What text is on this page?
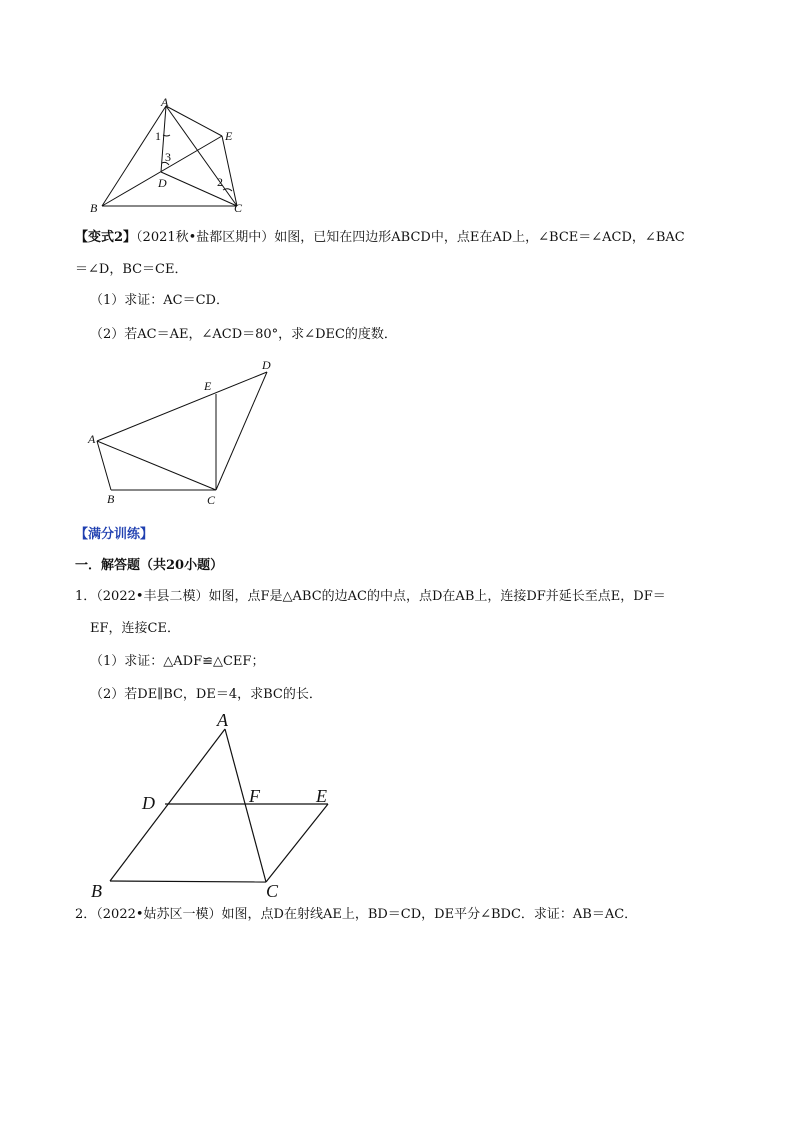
A
E
B	C
D
1
3
2
【变式2】（2021秋•盐都区期中）如图，已知在四边形ABCD中，点E在AD上，∠BCE＝∠ACD，∠BAC
＝∠D，BC＝CE．
（1）求证：AC＝CD．
（2）若AC＝AE，∠ACD＝80°，求∠DEC的度数．
A
B	C
D
E
【满分训练】
一．解答题（共20小题）
1．（2022•丰县二模）如图，点F是△ABC的边AC的中点，点D在AB上，连接DF并延长至点E，DF＝
EF，连接CE．
（1）求证：△ADF≌△CEF；
（2）若DE∥BC，DE＝4，求BC的长．
A
D	F	E
B	C
2．（2022•姑苏区一模）如图，点D在射线AE上，BD＝CD，DE平分∠BDC．求证：AB＝AC．
